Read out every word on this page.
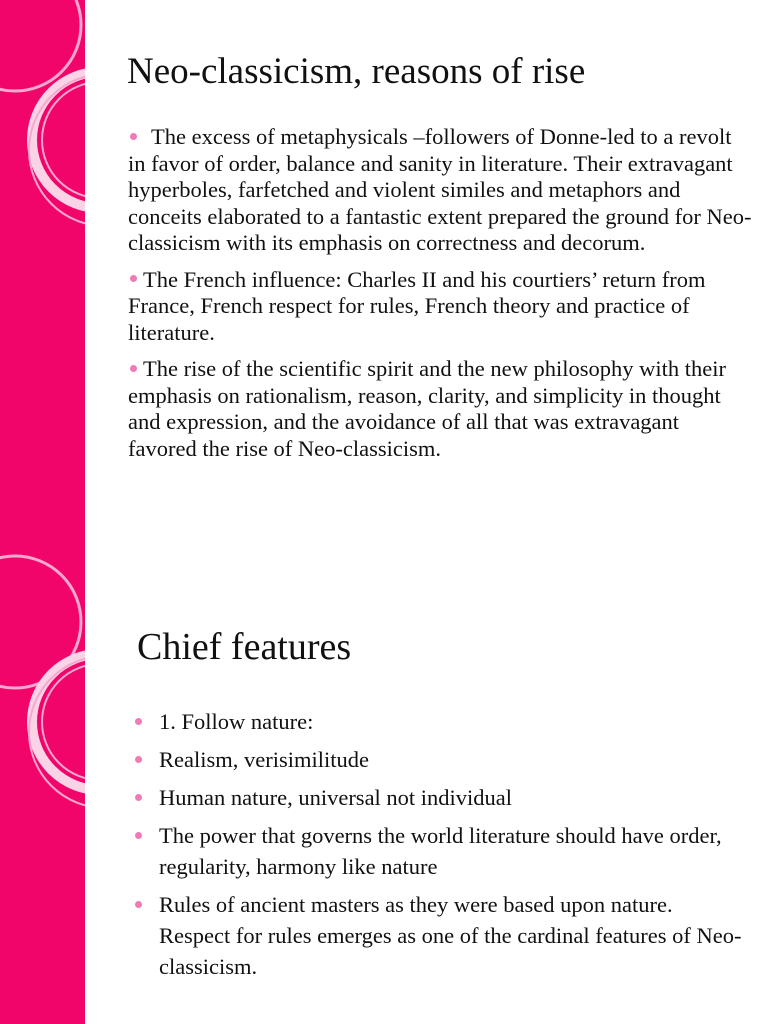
Neo-classicism, reasons of rise

The excess of metaphysicals –followers of Donne-led to a revolt in favor of order, balance and sanity in literature. Their extravagant hyperboles, farfetched and violent similes and metaphors and conceits elaborated to a fantastic extent prepared the ground for Neo-classicism with its emphasis on correctness and decorum.

The French influence: Charles II and his courtiers’ return from France, French respect for rules, French theory and practice of literature.

The rise of the scientific spirit and the new philosophy with their emphasis on rationalism, reason, clarity, and simplicity in thought and expression, and the avoidance of all that was extravagant favored the rise of Neo-classicism.

Chief features

1. Follow nature:

Realism, verisimilitude

Human nature, universal not individual

The power that governs the world literature should have order, regularity, harmony like nature

Rules of ancient masters as they were based upon nature. Respect for rules emerges as one of the cardinal features of Neo-classicism.
